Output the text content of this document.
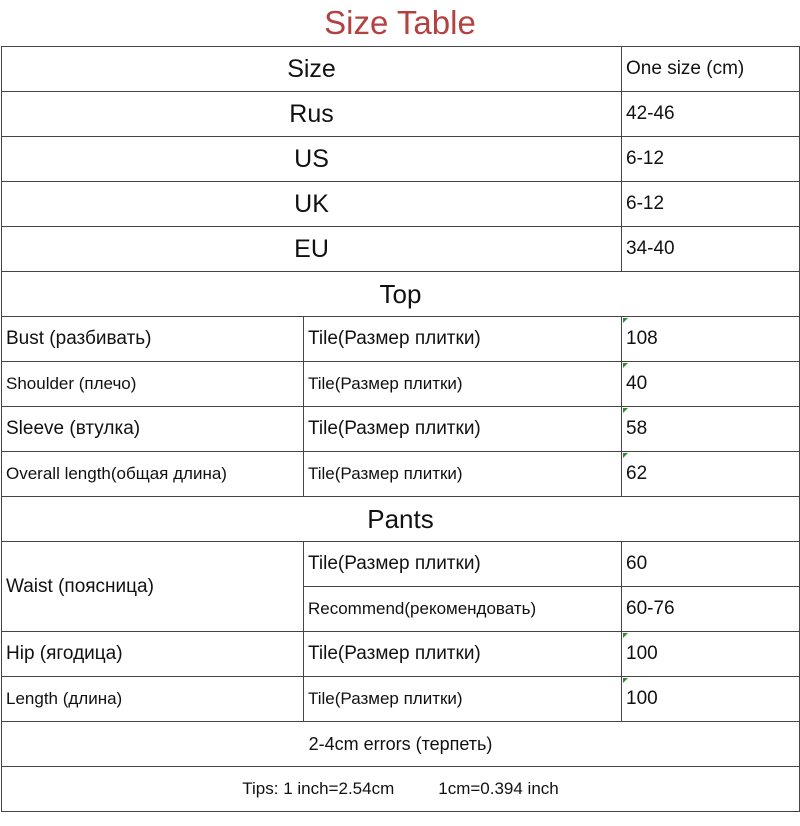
Size Table
Size		One size (cm)
Rus		42-46
US		6-12
UK		6-12
EU		34-40
Top		
Bust (разбивать)	Tile(Размер плитки)	108
Shoulder (плечо)	Tile(Размер плитки)	40
Sleeve (втулка)	Tile(Размер плитки)	58
Overall length(общая длина)	Tile(Размер плитки)	62
Pants		
Waist (поясница)	Tile(Размер плитки)	60
	Recommend(рекомендовать)	60-76
Hip (ягодица)	Tile(Размер плитки)	100
Length (длина)	Tile(Размер плитки)	100
2-4cm errors (терпеть)		
Tips: 1 inch=2.54cm 1cm=0.394 inch		
